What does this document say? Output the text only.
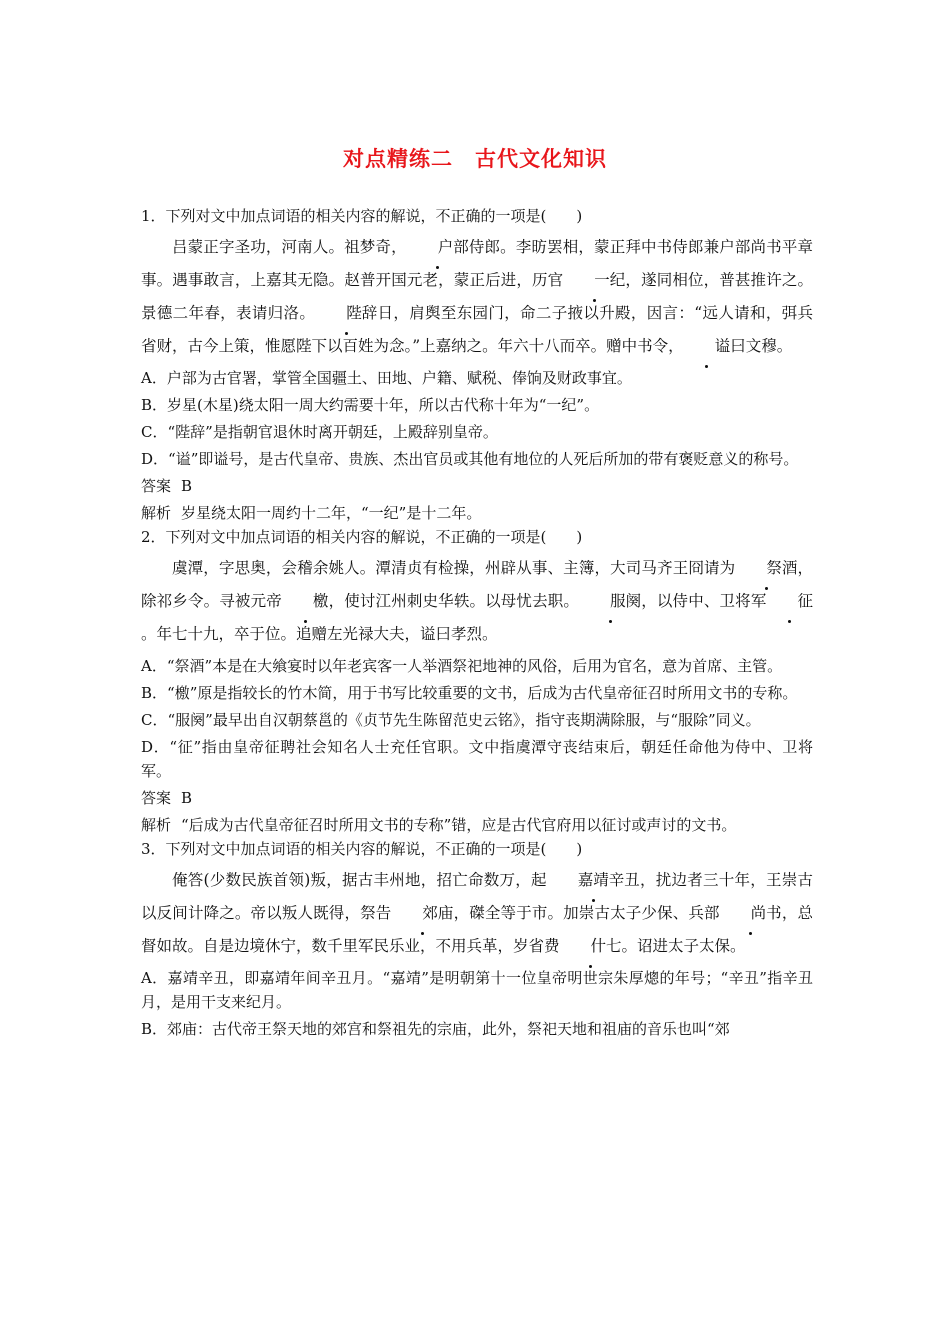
对点精练二　古代文化知识

1．下列对文中加点词语的相关内容的解说，不正确的一项是(　　)

吕蒙正字圣功，河南人。祖梦奇， 户部侍郎。李昉罢相，蒙正拜中书侍郎兼户部尚书平章事。遇事敢言，上嘉其无隐。赵普开国元老，蒙正后进，历官 一纪，遂同相位，普甚推许之。景德二年春，表请归洛。 陛辞日，肩舆至东园门，命二子掖以升殿，因言：“远人请和，弭兵省财，古今上策，惟愿陛下以百姓为念。”上嘉纳之。年六十八而卒。赠中书令， 谥曰文穆。

A．户部为古官署，掌管全国疆土、田地、户籍、赋税、俸饷及财政事宜。

B．岁星(木星)绕太阳一周大约需要十年，所以古代称十年为“一纪”。

C．“陛辞”是指朝官退休时离开朝廷，上殿辞别皇帝。

D．“谥”即谥号，是古代皇帝、贵族、杰出官员或其他有地位的人死后所加的带有褒贬意义的称号。

答案 B

解析 岁星绕太阳一周约十二年，“一纪”是十二年。

2．下列对文中加点词语的相关内容的解说，不正确的一项是(　　)

虞潭，字思奥，会稽余姚人。潭清贞有检操，州辟从事、主簿，大司马齐王冏请为 祭酒，除祁乡令。寻被元帝 檄，使讨江州刺史华轶。以母忧去职。 服阕，以侍中、卫将军 征。年七十九，卒于位。追赠左光禄大夫，谥曰孝烈。

A．“祭酒”本是在大飨宴时以年老宾客一人举酒祭祀地神的风俗，后用为官名，意为首席、主管。

B．“檄”原是指较长的竹木简，用于书写比较重要的文书，后成为古代皇帝征召时所用文书的专称。

C．“服阕”最早出自汉朝蔡邕的《贞节先生陈留范史云铭》，指守丧期满除服，与“服除”同义。

D．“征”指由皇帝征聘社会知名人士充任官职。文中指虞潭守丧结束后，朝廷任命他为侍中、卫将军。

答案 B

解析 “后成为古代皇帝征召时所用文书的专称”错，应是古代官府用以征讨或声讨的文书。

3．下列对文中加点词语的相关内容的解说，不正确的一项是(　　)

俺答(少数民族首领)叛，据古丰州地，招亡命数万，起 嘉靖辛丑，扰边者三十年，王崇古以反间计降之。帝以叛人既得，祭告 郊庙，磔全等于市。加崇古太子少保、兵部 尚书，总督如故。自是边境休宁，数千里军民乐业，不用兵革，岁省费 什七。诏进太子太保。

A．嘉靖辛丑，即嘉靖年间辛丑月。“嘉靖”是明朝第十一位皇帝明世宗朱厚熜的年号；“辛丑”指辛丑月，是用干支来纪月。

B．郊庙：古代帝王祭天地的郊宫和祭祖先的宗庙，此外，祭祀天地和祖庙的音乐也叫“郊
